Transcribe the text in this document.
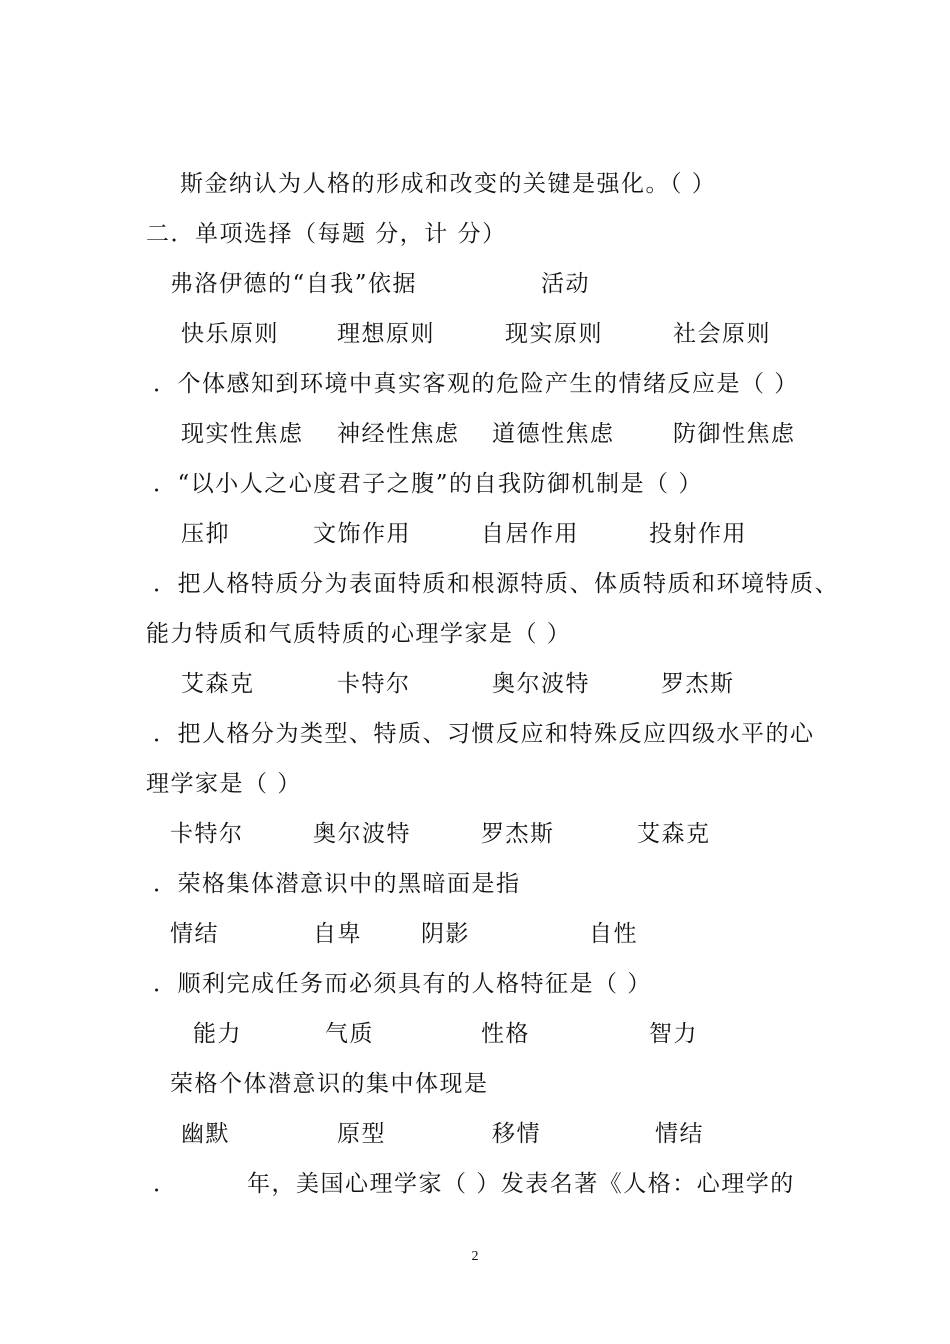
斯金纳认为人格的形成和改变的关键是强化。（ ）
二．单项选择（每题 分，计 分）
弗洛伊德的“自我”依据	活动
快乐原则	理想原则	现实原则	社会原则
．个体感知到环境中真实客观的危险产生的情绪反应是（ ）
现实性焦虑 神经性焦虑 道德性焦虑	防御性焦虑
．“以小人之心度君子之腹”的自我防御机制是（ ）
压抑	文饰作用	自居作用	投射作用
．把人格特质分为表面特质和根源特质、体质特质和环境特质、
能力特质和气质特质的心理学家是（ ）
艾森克	卡特尔	奥尔波特	罗杰斯
．把人格分为类型、特质、习惯反应和特殊反应四级水平的心
理学家是（ ）
卡特尔	奥尔波特	罗杰斯	艾森克
．荣格集体潜意识中的黑暗面是指
情结	自卑	阴影	自性
．顺利完成任务而必须具有的人格特征是（ ）
能力	气质	性格	智力
荣格个体潜意识的集中体现是
幽默	原型	移情	情结
．	年，美国心理学家（ ）发表名著《人格：心理学的
2
